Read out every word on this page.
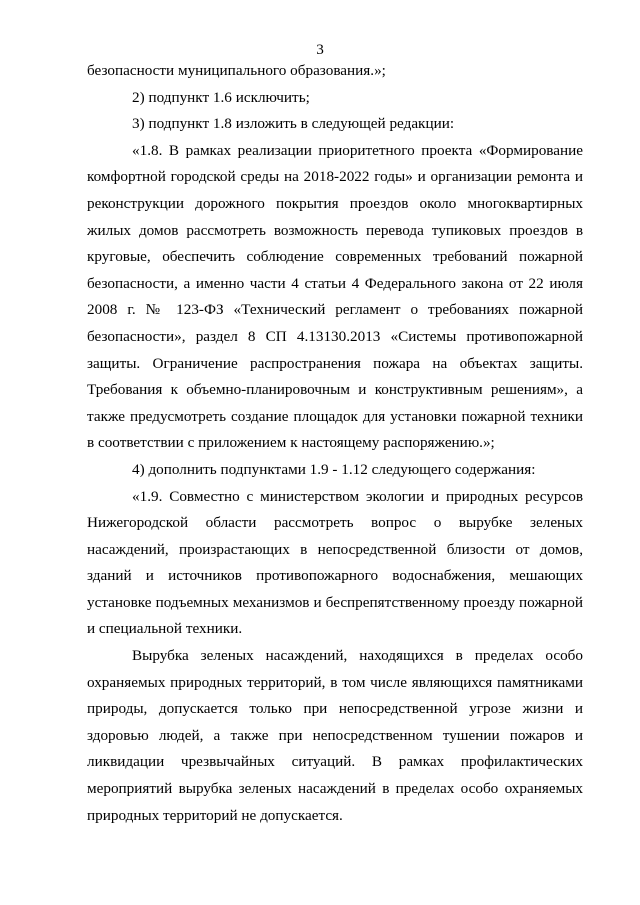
3

безопасности муниципального образования.»;

2) подпункт 1.6 исключить;

3) подпункт 1.8 изложить в следующей редакции:

«1.8. В рамках реализации приоритетного проекта «Формирование комфортной городской среды на 2018-2022 годы» и организации ремонта и реконструкции дорожного покрытия проездов около многоквартирных жилых домов рассмотреть возможность перевода тупиковых проездов в круговые, обеспечить соблюдение современных требований пожарной безопасности, а именно части 4 статьи 4 Федерального закона от 22 июля 2008 г. № 123-ФЗ «Технический регламент о требованиях пожарной безопасности», раздел 8 СП 4.13130.2013 «Системы противопожарной защиты. Ограничение распространения пожара на объектах защиты. Требования к объемно-планировочным и конструктивным решениям», а также предусмотреть создание площадок для установки пожарной техники в соответствии с приложением к настоящему распоряжению.»;

4) дополнить подпунктами 1.9 - 1.12 следующего содержания:

«1.9. Совместно с министерством экологии и природных ресурсов Нижегородской области рассмотреть вопрос о вырубке зеленых насаждений, произрастающих в непосредственной близости от домов, зданий и источников противопожарного водоснабжения, мешающих установке подъемных механизмов и беспрепятственному проезду пожарной и специальной техники.

Вырубка зеленых насаждений, находящихся в пределах особо охраняемых природных территорий, в том числе являющихся памятниками природы, допускается только при непосредственной угрозе жизни и здоровью людей, а также при непосредственном тушении пожаров и ликвидации чрезвычайных ситуаций. В рамках профилактических мероприятий вырубка зеленых насаждений в пределах особо охраняемых природных территорий не допускается.
